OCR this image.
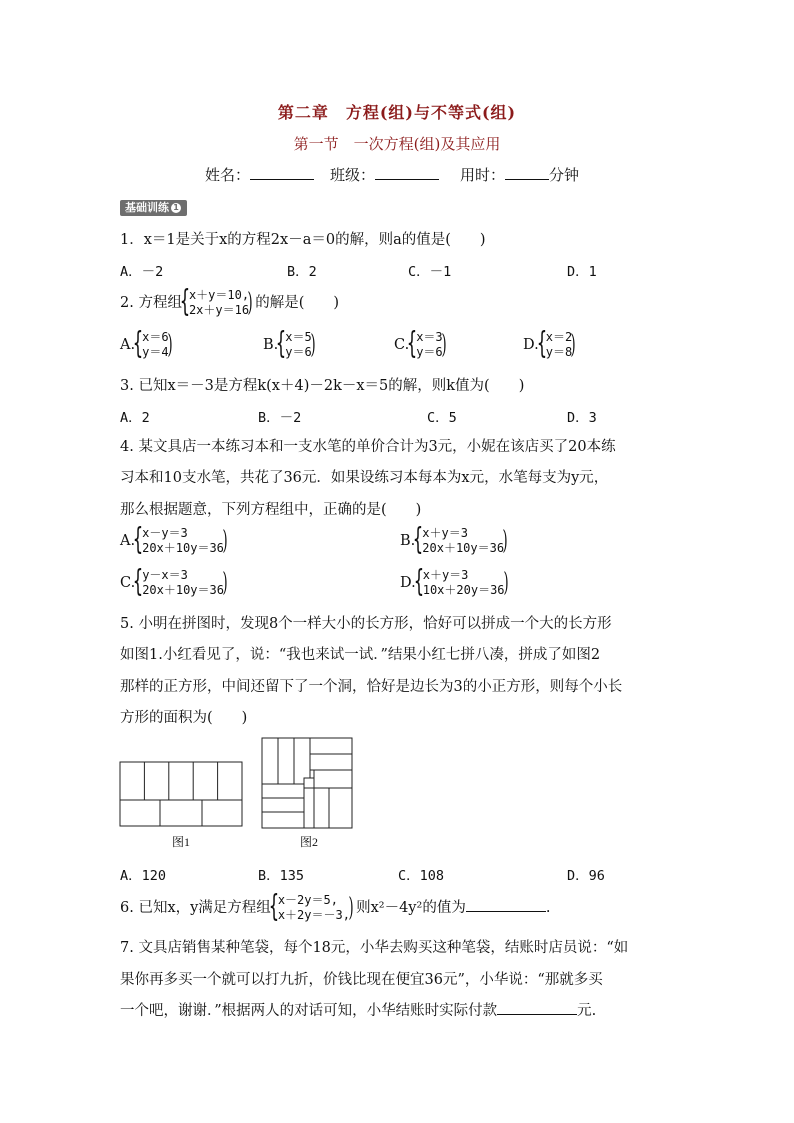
第二章　方程(组)与不等式(组)
第一节　一次方程(组)及其应用
姓名：	班级：	用时：	分钟
基础训练 1
1．x＝1是关于x的方程2x－a＝0的解，则a的值是(　　)
A．－2	B．2	C．－1	D．1
2. 方程组 { x＋y＝10,
2x＋y＝16) 的解是(　　)
A. { x＝6
y＝4)	B. { x＝5
y＝6)	C. { x＝3
y＝6)	D. { x＝2
y＝8)
3. 已知x＝－3是方程k(x＋4)－2k－x＝5的解，则k值为(　　)
A．2	B．－2	C．5	D．3
4. 某文具店一本练习本和一支水笔的单价合计为3元，小妮在该店买了20本练
习本和10支水笔，共花了36元．如果设练习本每本为x元，水笔每支为y元，
那么根据题意，下列方程组中，正确的是(　　)
A. { x－y＝3
20x＋10y＝36)	B. { x＋y＝3
20x＋10y＝36)
C. { y－x＝3
20x＋10y＝36)	D. { x＋y＝3
10x＋20y＝36)
5. 小明在拼图时，发现8个一样大小的长方形，恰好可以拼成一个大的长方形
如图1.小红看见了，说：“我也来试一试．”结果小红七拼八凑，拼成了如图2
那样的正方形，中间还留下了一个洞，恰好是边长为3的小正方形，则每个小长
方形的面积为(　　)
图1	图2
A．120	B．135	C．108	D．96
6. 已知x，y满足方程组 { x－2y＝5,
x＋2y＝－3,) 则x²－4y²的值为	.
7. 文具店销售某种笔袋，每个18元，小华去购买这种笔袋，结账时店员说：“如
果你再多买一个就可以打九折，价钱比现在便宜36元”，小华说：“那就多买
一个吧，谢谢．”根据两人的对话可知，小华结账时实际付款	元.
